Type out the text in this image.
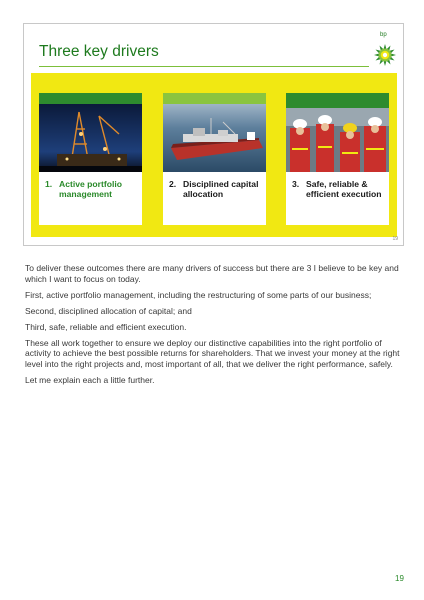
Three key drivers
bp
1. Active portfolio management
2. Disciplined capital allocation
3. Safe, reliable & efficient execution
19

To deliver these outcomes there are many drivers of success but there are 3 I believe to be key and which I want to focus on today.

First, active portfolio management, including the restructuring of some parts of our business;

Second, disciplined allocation of capital; and

Third, safe, reliable and efficient execution.

These all work together to ensure we deploy our distinctive capabilities into the right portfolio of activity to achieve the best possible returns for shareholders. That we invest your money at the right level into the right projects and, most important of all, that we deliver the right performance, safely.

Let me explain each a little further.

19
